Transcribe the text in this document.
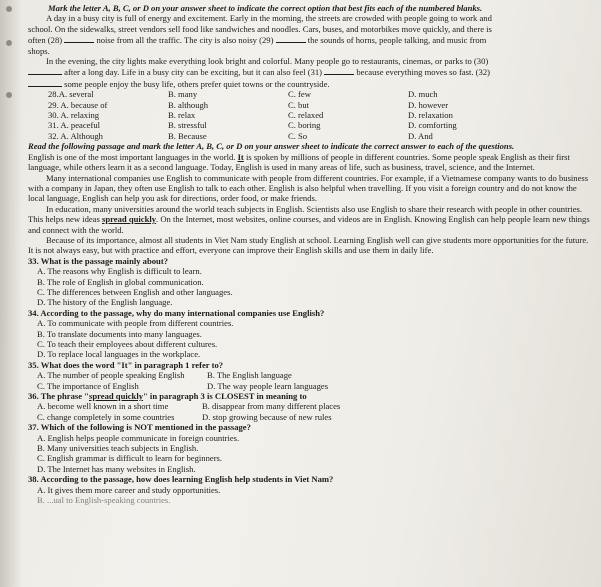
Mark the letter A, B, C, or D on your answer sheet to indicate the correct option that best fits each of the numbered blanks.

A day in a busy city is full of energy and excitement. Early in the morning, the streets are crowded with people going to work and

school. On the sidewalks, street vendors sell food like sandwiches and noodles. Cars, buses, and motorbikes move quickly, and there is

often (28)	noise from all the traffic. The city is also noisy (29)	the sounds of horns, people talking, and music from

shops.

In the evening, the city lights make everything look bright and colorful. Many people go to restaurants, cinemas, or parks to (30)

after a long day. Life in a busy city can be exciting, but it can also feel (31)	because everything moves so fast. (32)

some people enjoy the busy life, others prefer quiet towns or the countryside.

28.A. several	B. many	C. few	D. much
29. A. because of	B. although	C. but	D. however
30. A. relaxing	B. relax	C. relaxed	D. relaxation
31. A. peaceful	B. stressful	C. boring	D. comforting
32. A. Although	B. Because	C. So	D. And

Read the following passage and mark the letter A, B, C, or D on your answer sheet to indicate the correct answer to each of the questions.

English is one of the most important languages in the world. It is spoken by millions of people in different countries. Some people speak English as their first language, while others learn it as a second language. Today, English is used in many areas of life, such as business, travel, science, and the Internet.

Many international companies use English to communicate with people from different countries. For example, if a Vietnamese company wants to do business with a company in Japan, they often use English to talk to each other. English is also helpful when travelling. If you visit a foreign country and do not know the local language, English can help you ask for directions, order food, or make friends.

In education, many universities around the world teach subjects in English. Scientists also use English to share their research with people in other countries. This helps new ideas spread quickly. On the Internet, most websites, online courses, and videos are in English. Knowing English can help people learn new things and connect with the world.

Because of its importance, almost all students in Viet Nam study English at school. Learning English well can give students more opportunities for the future. It is not always easy, but with practice and effort, everyone can improve their English skills and use them in daily life.

33. What is the passage mainly about?

A. The reasons why English is difficult to learn.

B. The role of English in global communication.

C. The differences between English and other languages.

D. The history of the English language.

34. According to the passage, why do many international companies use English?

A. To communicate with people from different countries.

B. To translate documents into many languages.

C. To teach their employees about different cultures.

D. To replace local languages in the workplace.

35. What does the word "It" in paragraph 1 refer to?

A. The number of people speaking English	B. The English language
C. The importance of English	D. The way people learn languages

36. The phrase "spread quickly" in paragraph 3 is CLOSEST in meaning to

A. become well known in a short time	B. disappear from many different places
C. change completely in some countries	D. stop growing because of new rules

37. Which of the following is NOT mentioned in the passage?

A. English helps people communicate in foreign countries.

B. Many universities teach subjects in English.

C. English grammar is difficult to learn for beginners.

D. The Internet has many websites in English.

38. According to the passage, how does learning English help students in Viet Nam?

A. It gives them more career and study opportunities.

B. ...ual to English-speaking countries.
